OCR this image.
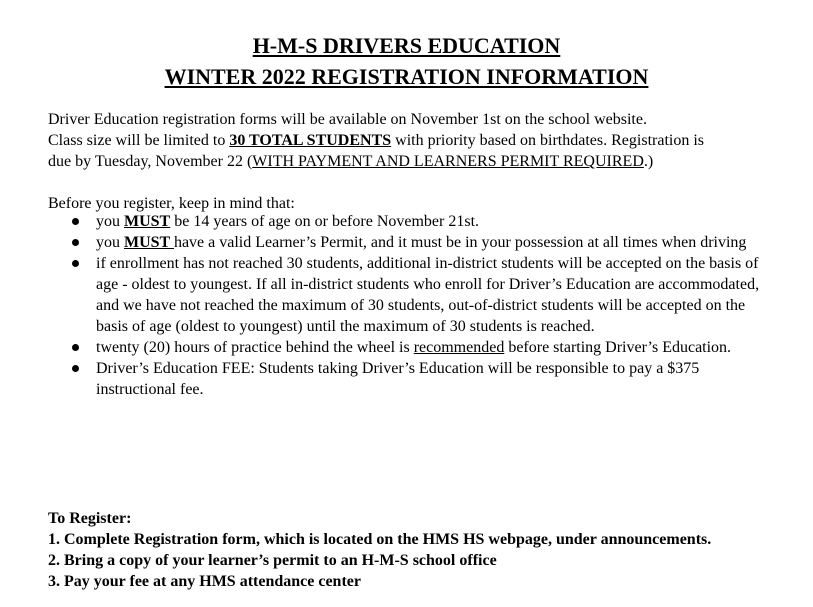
H-M-S DRIVERS EDUCATION
WINTER 2022 REGISTRATION INFORMATION

Driver Education registration forms will be available on November 1st on the school website.

Class size will be limited to 30 TOTAL STUDENTS with priority based on birthdates. Registration is

due by Tuesday, November 22 (WITH PAYMENT AND LEARNERS PERMIT REQUIRED.)

Before you register, keep in mind that:

you MUST be 14 years of age on or before November 21st.
you MUST have a valid Learner’s Permit, and it must be in your possession at all times when driving
if enrollment has not reached 30 students, additional in-district students will be accepted on the basis of age - oldest to youngest. If all in-district students who enroll for Driver’s Education are accommodated, and we have not reached the maximum of 30 students, out-of-district students will be accepted on the basis of age (oldest to youngest) until the maximum of 30 students is reached.
twenty (20) hours of practice behind the wheel is recommended before starting Driver’s Education.
Driver’s Education FEE: Students taking Driver’s Education will be responsible to pay a $375 instructional fee.

To Register:

1. Complete Registration form, which is located on the HMS HS webpage, under announcements.

2. Bring a copy of your learner’s permit to an H-M-S school office

3. Pay your fee at any HMS attendance center
